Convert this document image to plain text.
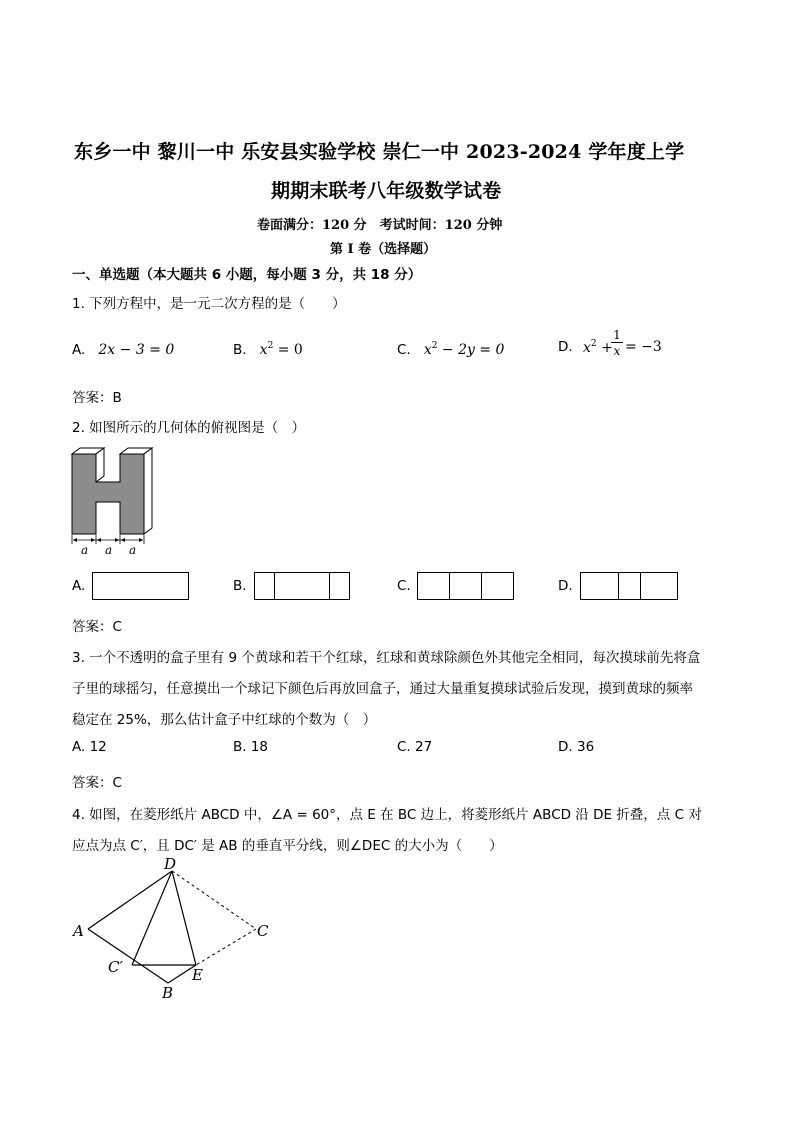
东乡一中 黎川一中 乐安县实验学校 崇仁一中 2023-2024 学年度上学
期期末联考八年级数学试卷
卷面满分：120 分　考试时间：120 分钟
第 I 卷（选择题）
一、单选题（本大题共 6 小题，每小题 3 分，共 18 分）
1. 下列方程中，是一元二次方程的是（　　）
A. 2x − 3 = 0	B. $x^2 = 0$	C. $x^2 - 2y = 0$	D. $x^2$ +
1
x = −3
答案：B
2. 如图所示的几何体的俯视图是（　）
a a a
A.	B.	C.	D.
答案：C
3. 一个不透明的盒子里有 9 个黄球和若干个红球，红球和黄球除颜色外其他完全相同，每次摸球前先将盒
子里的球摇匀，任意摸出一个球记下颜色后再放回盒子，通过大量重复摸球试验后发现，摸到黄球的频率
稳定在 25%，那么估计盒子中红球的个数为（　）
A. 12	B. 18	C. 27	D. 36
答案：C
4. 如图，在菱形纸片 ABCD 中，∠A = 60°，点 E 在 BC 边上，将菱形纸片 ABCD 沿 DE 折叠，点 C 对
应点为点 C′，且 DC′ 是 AB 的垂直平分线，则∠DEC 的大小为（　　）
D
A	C
C′	E
B
